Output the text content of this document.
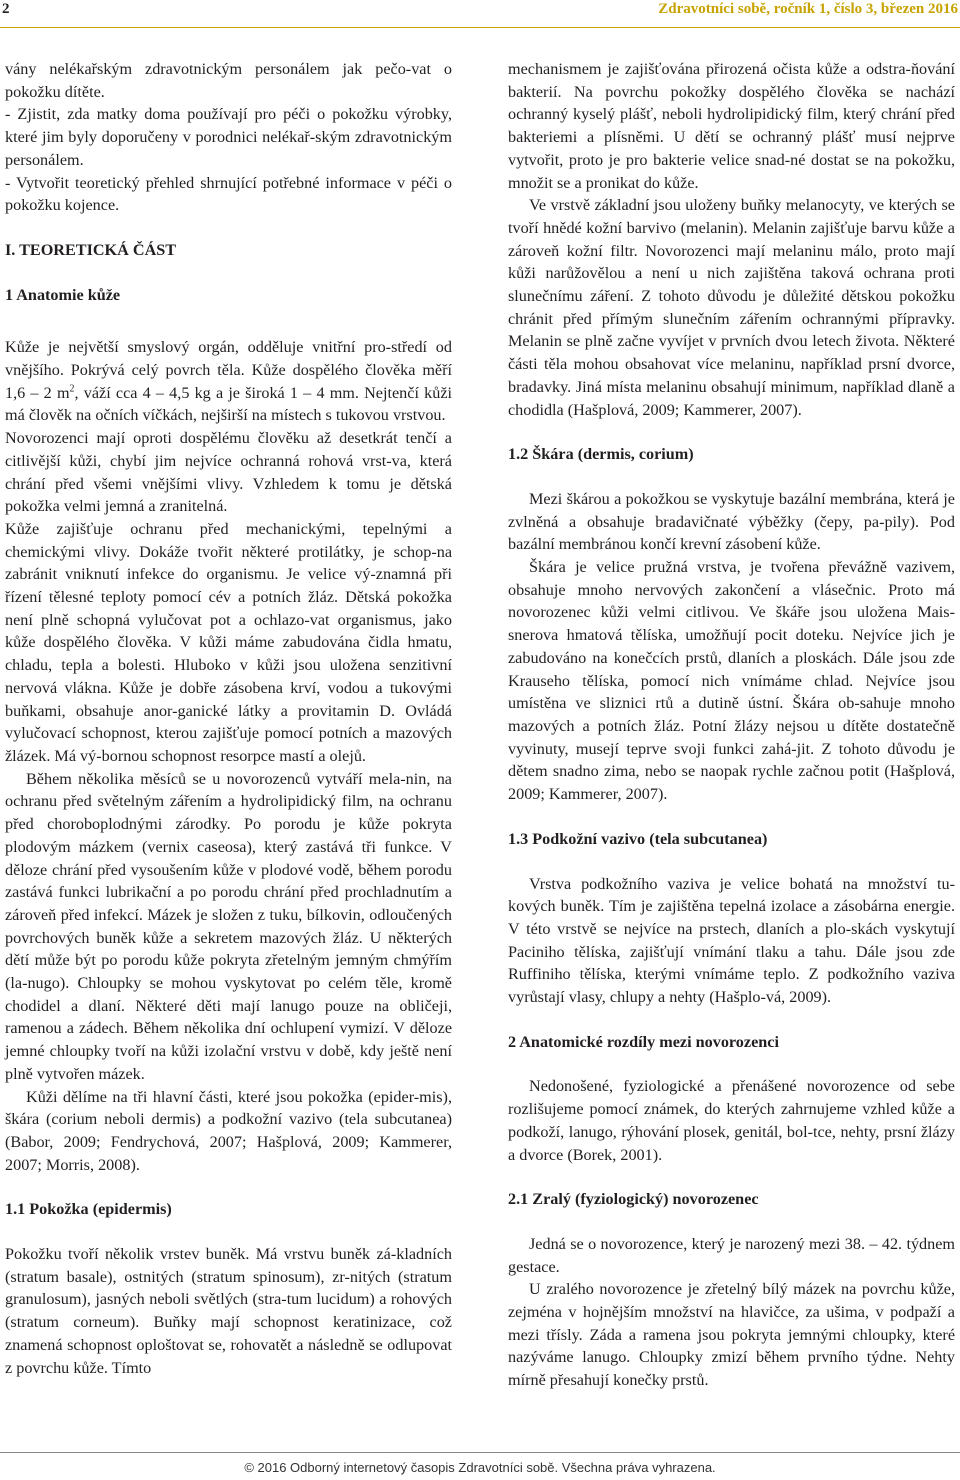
2	Zdravotníci sobě, ročník 1, číslo 3, březen 2016

vány nelékařským zdravotnickým personálem jak pečo-vat o pokožku dítěte.

- Zjistit, zda matky doma používají pro péči o pokožku výrobky, které jim byly doporučeny v porodnici nelékař-ským zdravotnickým personálem.

- Vytvořit teoretický přehled shrnující potřebné informace v péči o pokožku kojence.

I. TEORETICKÁ ČÁST

1 Anatomie kůže

Kůže je největší smyslový orgán, odděluje vnitřní pro-středí od vnějšího. Pokrývá celý povrch těla. Kůže dospělého člověka měří 1,6 – 2 $m^2$, váží cca 4 – 4,5 kg a je široká 1 – 4 mm. Nejtenčí kůži má člověk na očních víčkách, nejširší na místech s tukovou vrstvou.

Novorozenci mají oproti dospělému člověku až desetkrát tenčí a citlivější kůži, chybí jim nejvíce ochranná rohová vrst-va, která chrání před všemi vnějšími vlivy. Vzhledem k tomu je dětská pokožka velmi jemná a zranitelná.

Kůže zajišťuje ochranu před mechanickými, tepelnými a chemickými vlivy. Dokáže tvořit některé protilátky, je schop-na zabránit vniknutí infekce do organismu. Je velice vý-znamná při řízení tělesné teploty pomocí cév a potních žláz. Dětská pokožka není plně schopná vylučovat pot a ochlazo-vat organismus, jako kůže dospělého člověka. V kůži máme zabudována čidla hmatu, chladu, tepla a bolesti. Hluboko v kůži jsou uložena senzitivní nervová vlákna. Kůže je dobře zásobena krví, vodou a tukovými buňkami, obsahuje anor-ganické látky a provitamin D. Ovládá vylučovací schopnost, kterou zajišťuje pomocí potních a mazových žlázek. Má vý-bornou schopnost resorpce mastí a olejů.

Během několika měsíců se u novorozenců vytváří mela-nin, na ochranu před světelným zářením a hydrolipidický film, na ochranu před choroboplodnými zárodky. Po porodu je kůže pokryta plodovým mázkem (vernix caseosa), který zastává tři funkce. V děloze chrání před vysoušením kůže v plodové vodě, během porodu zastává funkci lubrikační a po porodu chrání před prochladnutím a zároveň před infekcí. Mázek je složen z tuku, bílkovin, odloučených povrchových buněk kůže a sekretem mazových žláz. U některých dětí může být po porodu kůže pokryta zřetelným jemným chmýřím (la-nugo). Chloupky se mohou vyskytovat po celém těle, kromě chodidel a dlaní. Některé děti mají lanugo pouze na obličeji, ramenou a zádech. Během několika dní ochlupení vymizí. V děloze jemné chloupky tvoří na kůži izolační vrstvu v době, kdy ještě není plně vytvořen mázek.

Kůži dělíme na tři hlavní části, které jsou pokožka (epider-mis), škára (corium neboli dermis) a podkožní vazivo (tela subcutanea) (Babor, 2009; Fendrychová, 2007; Hašplová, 2009; Kammerer, 2007; Morris, 2008).

1.1 Pokožka (epidermis)

Pokožku tvoří několik vrstev buněk. Má vrstvu buněk zá-kladních (stratum basale), ostnitých (stratum spinosum), zr-nitých (stratum granulosum), jasných neboli světlých (stra-tum lucidum) a rohových (stratum corneum). Buňky mají schopnost keratinizace, což znamená schopnost oploštovat se, rohovatět a následně se odlupovat z povrchu kůže. Tímto

mechanismem je zajišťována přirozená očista kůže a odstra-ňování bakterií. Na povrchu pokožky dospělého člověka se nachází ochranný kyselý plášť, neboli hydrolipidický film, který chrání před bakteriemi a plísněmi. U dětí se ochranný plášť musí nejprve vytvořit, proto je pro bakterie velice snad-né dostat se na pokožku, množit se a pronikat do kůže.

Ve vrstvě základní jsou uloženy buňky melanocyty, ve kterých se tvoří hnědé kožní barvivo (melanin). Melanin zajišťuje barvu kůže a zároveň kožní filtr. Novorozenci mají melaninu málo, proto mají kůži narůžovělou a není u nich zajištěna taková ochrana proti slunečnímu záření. Z tohoto důvodu je důležité dětskou pokožku chránit před přímým slunečním zářením ochrannými přípravky. Melanin se plně začne vyvíjet v prvních dvou letech života. Některé části těla mohou obsahovat více melaninu, například prsní dvorce, bradavky. Jiná místa melaninu obsahují minimum, například dlaně a chodidla (Hašplová, 2009; Kammerer, 2007).

1.2 Škára (dermis, corium)

Mezi škárou a pokožkou se vyskytuje bazální membrána, která je zvlněná a obsahuje bradavičnaté výběžky (čepy, pa-pily). Pod bazální membránou končí krevní zásobení kůže.

Škára je velice pružná vrstva, je tvořena převážně vazivem, obsahuje mnoho nervových zakončení a vlásečnic. Proto má novorozenec kůži velmi citlivou. Ve škáře jsou uložena Mais-snerova hmatová tělíska, umožňují pocit doteku. Nejvíce jich je zabudováno na konečcích prstů, dlaních a ploskách. Dále jsou zde Krauseho tělíska, pomocí nich vnímáme chlad. Nejvíce jsou umístěna ve sliznici rtů a dutině ústní. Škára ob-sahuje mnoho mazových a potních žláz. Potní žlázy nejsou u dítěte dostatečně vyvinuty, musejí teprve svoji funkci zahá-jit. Z tohoto důvodu je dětem snadno zima, nebo se naopak rychle začnou potit (Hašplová, 2009; Kammerer, 2007).

1.3 Podkožní vazivo (tela subcutanea)

Vrstva podkožního vaziva je velice bohatá na množství tu-kových buněk. Tím je zajištěna tepelná izolace a zásobárna energie. V této vrstvě se nejvíce na prstech, dlaních a plo-skách vyskytují Paciniho tělíska, zajišťují vnímání tlaku a tahu. Dále jsou zde Ruffiniho tělíska, kterými vnímáme teplo. Z podkožního vaziva vyrůstají vlasy, chlupy a nehty (Hašplo-vá, 2009).

2 Anatomické rozdíly mezi novorozenci

Nedonošené, fyziologické a přenášené novorozence od sebe rozlišujeme pomocí známek, do kterých zahrnujeme vzhled kůže a podkoží, lanugo, rýhování plosek, genitál, bol-tce, nehty, prsní žlázy a dvorce (Borek, 2001).

2.1 Zralý (fyziologický) novorozenec

Jedná se o novorozence, který je narozený mezi 38. – 42. týdnem gestace.

U zralého novorozence je zřetelný bílý mázek na povrchu kůže, zejména v hojnějším množství na hlavičce, za ušima, v podpaží a mezi třísly. Záda a ramena jsou pokryta jemnými chloupky, které nazýváme lanugo. Chloupky zmizí během prvního týdne. Nehty mírně přesahují konečky prstů.

© 2016 Odborný internetový časopis Zdravotníci sobě. Všechna práva vyhrazena.
